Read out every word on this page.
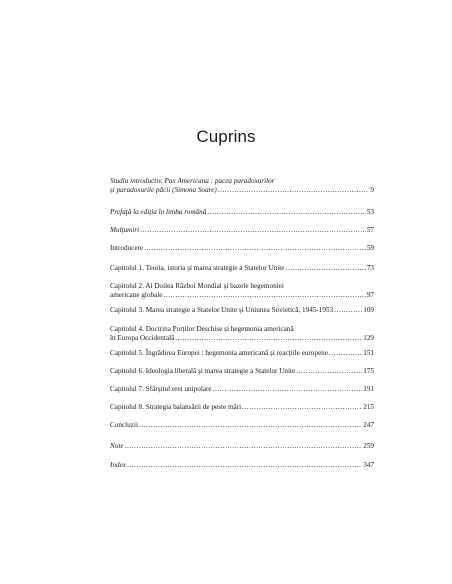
Cuprins
Studiu introductiv. Pax Americana : pacea paradoxurilor
și paradoxurile păcii (Simona Soare) . . .	9
Prefață la ediția în limba română . . .	53
Mulțumiri . . .	57
Introducere . . .	59
Capitolul 1. Teoria, istoria și marea strategie a Statelor Unite . . .	73
Capitolul 2. Al Doilea Război Mondial și bazele hegemoniei
americane globale . . .	97
Capitolul 3. Marea strategie a Statelor Unite și Uniunea Sovietică, 1945-1953 . . .	109
Capitolul 4. Doctrina Porților Deschise și hegemonia americană
în Europa Occidentală . . .	129
Capitolul 5. Îngrădirea Europei : hegemonia americană și reacțiile europene . . .	151
Capitolul 6. Ideologia liberală și marea strategie a Statelor Unite . . .	175
Capitolul 7. Sfârșitul erei unipolare . . .	191
Capitolul 8. Strategia balansării de peste mări . . .	215
Concluzii . . .	247
Note . . .	259
Index . . .	347
